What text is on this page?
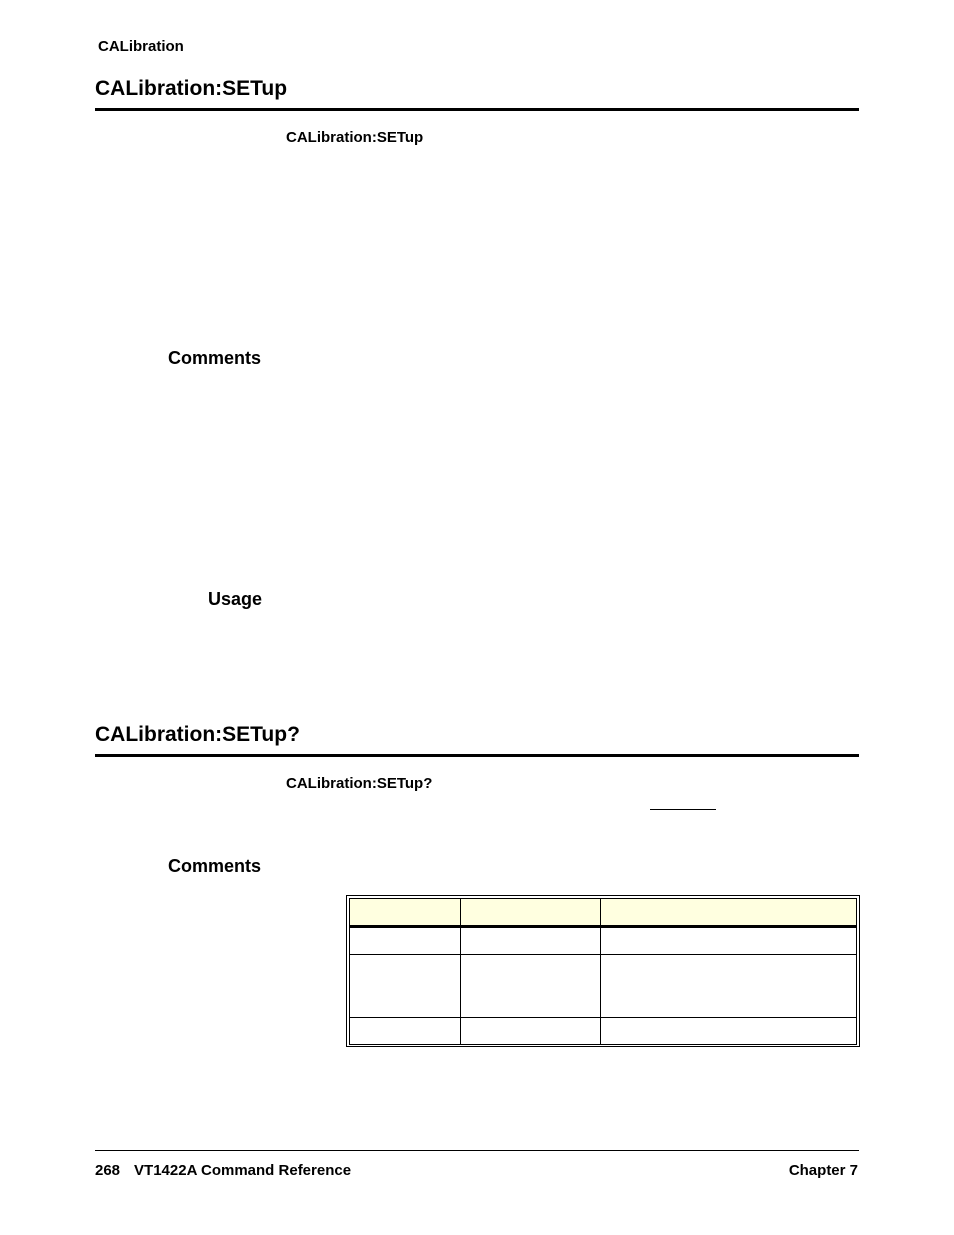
CALibration
CALibration:SETup
CALibration:SETup
Comments
Usage
CALibration:SETup?
CALibration:SETup?
Comments

268 VT1422A Command Reference	Chapter 7
